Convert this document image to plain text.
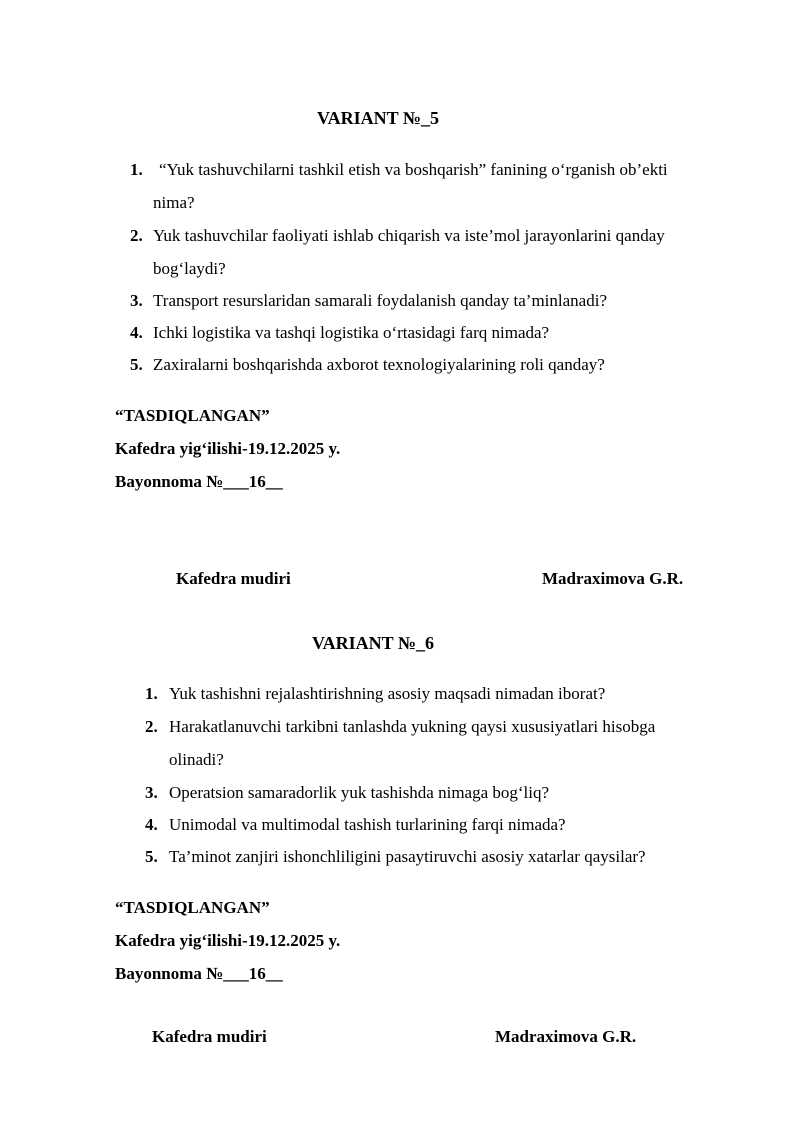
VARIANT №_5
1. “Yuk tashuvchilarni tashkil etish va boshqarish” fanining o‘rganish ob’ekti
nima?
2. Yuk tashuvchilar faoliyati ishlab chiqarish va iste’mol jarayonlarini qanday
bog‘laydi?
3. Transport resurslaridan samarali foydalanish qanday ta’minlanadi?
4. Ichki logistika va tashqi logistika o‘rtasidagi farq nimada?
5. Zaxiralarni boshqarishda axborot texnologiyalarining roli qanday?
“TASDIQLANGAN”
Kafedra yig‘ilishi-19.12.2025 y.
Bayonnoma №___16__
Kafedra mudiri	Madraximova G.R.
VARIANT №_6
1. Yuk tashishni rejalashtirishning asosiy maqsadi nimadan iborat?
2. Harakatlanuvchi tarkibni tanlashda yukning qaysi xususiyatlari hisobga
olinadi?
3. Operatsion samaradorlik yuk tashishda nimaga bog‘liq?
4. Unimodal va multimodal tashish turlarining farqi nimada?
5. Ta’minot zanjiri ishonchliligini pasaytiruvchi asosiy xatarlar qaysilar?
“TASDIQLANGAN”
Kafedra yig‘ilishi-19.12.2025 y.
Bayonnoma №___16__
Kafedra mudiri	Madraximova G.R.
